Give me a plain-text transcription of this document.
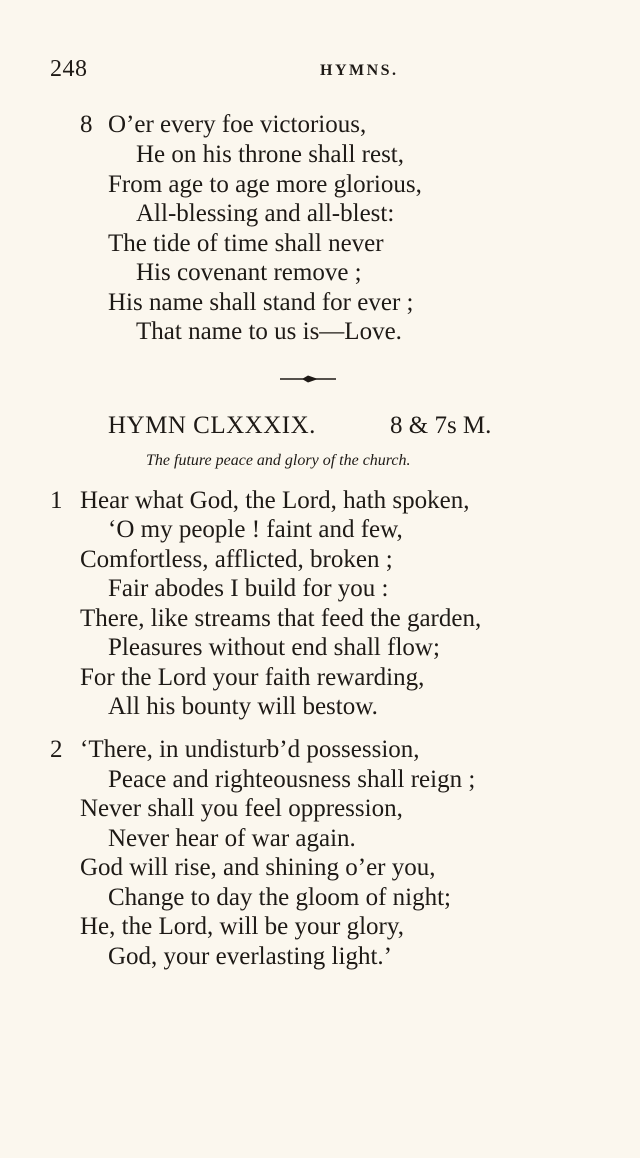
248	HYMNS.
8 O’er every foe victorious,
He on his throne shall rest,
From age to age more glorious,
All-blessing and all-blest:
The tide of time shall never
His covenant remove ;
His name shall stand for ever ;
That name to us is—Love.
HYMN CLXXXIX.	8 & 7s M.
The future peace and glory of the church.
1 Hear what God, the Lord, hath spoken,
‘O my people ! faint and few,
Comfortless, afflicted, broken ;
Fair abodes I build for you :
There, like streams that feed the garden,
Pleasures without end shall flow;
For the Lord your faith rewarding,
All his bounty will bestow.
2 ‘There, in undisturb’d possession,
Peace and righteousness shall reign ;
Never shall you feel oppression,
Never hear of war again.
God will rise, and shining o’er you,
Change to day the gloom of night;
He, the Lord, will be your glory,
God, your everlasting light.’
